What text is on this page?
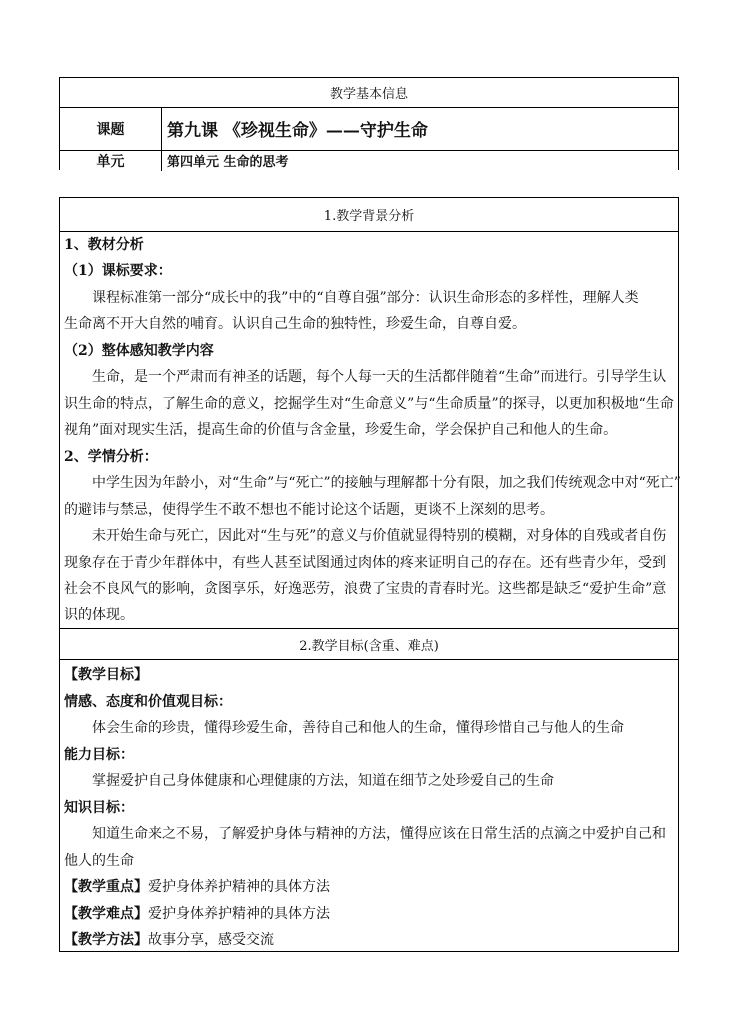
教学基本信息
课题	第九课 《珍视生命》——守护生命
单元	第四单元 生命的思考
1.教学背景分析
1、教材分析
（1）课标要求：
课程标准第一部分“成长中的我”中的“自尊自强”部分：认识生命形态的多样性，理解人类
生命离不开大自然的哺育。认识自己生命的独特性，珍爱生命，自尊自爱。
（2）整体感知教学内容
生命，是一个严肃而有神圣的话题，每个人每一天的生活都伴随着“生命”而进行。引导学生认
识生命的特点，了解生命的意义，挖掘学生对“生命意义”与“生命质量”的探寻，以更加积极地“生命
视角”面对现实生活，提高生命的价值与含金量，珍爱生命，学会保护自己和他人的生命。
2、学情分析：
中学生因为年龄小，对“生命”与“死亡”的接触与理解都十分有限，加之我们传统观念中对“死亡”
的避讳与禁忌，使得学生不敢不想也不能讨论这个话题，更谈不上深刻的思考。
未开始生命与死亡，因此对“生与死”的意义与价值就显得特别的模糊，对身体的自残或者自伤
现象存在于青少年群体中，有些人甚至试图通过肉体的疼来证明自己的存在。还有些青少年，受到
社会不良风气的影响，贪图享乐，好逸恶劳，浪费了宝贵的青春时光。这些都是缺乏“爱护生命”意
识的体现。
2.教学目标(含重、难点)
【教学目标】
情感、态度和价值观目标：
体会生命的珍贵，懂得珍爱生命，善待自己和他人的生命，懂得珍惜自己与他人的生命
能力目标：
掌握爱护自己身体健康和心理健康的方法，知道在细节之处珍爱自己的生命
知识目标：
知道生命来之不易，了解爱护身体与精神的方法，懂得应该在日常生活的点滴之中爱护自己和
他人的生命
【教学重点】爱护身体养护精神的具体方法
【教学难点】爱护身体养护精神的具体方法
【教学方法】故事分享，感受交流
